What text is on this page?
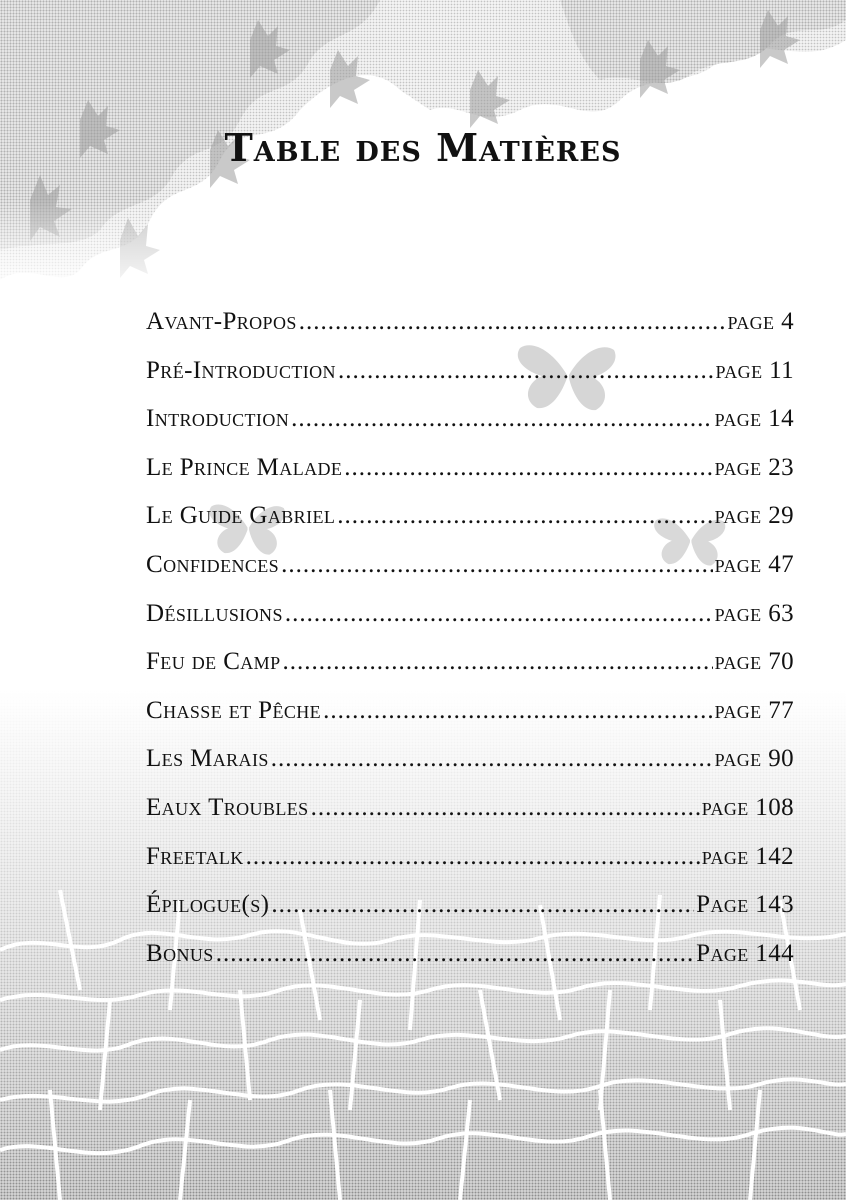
Table des Matières
Avant-Propos .....	page 4
Pré-Introduction .....	page 11
Introduction .....	page 14
Le Prince Malade .....	page 23
Le Guide Gabriel .....	page 29
Confidences .....	page 47
Désillusions .....	page 63
Feu de Camp .....	page 70
Chasse et Pêche .....	page 77
Les Marais .....	page 90
Eaux Troubles .....	page 108
Freetalk .....	page 142
Épilogue(s) .....	Page 143
Bonus .....	Page 144
